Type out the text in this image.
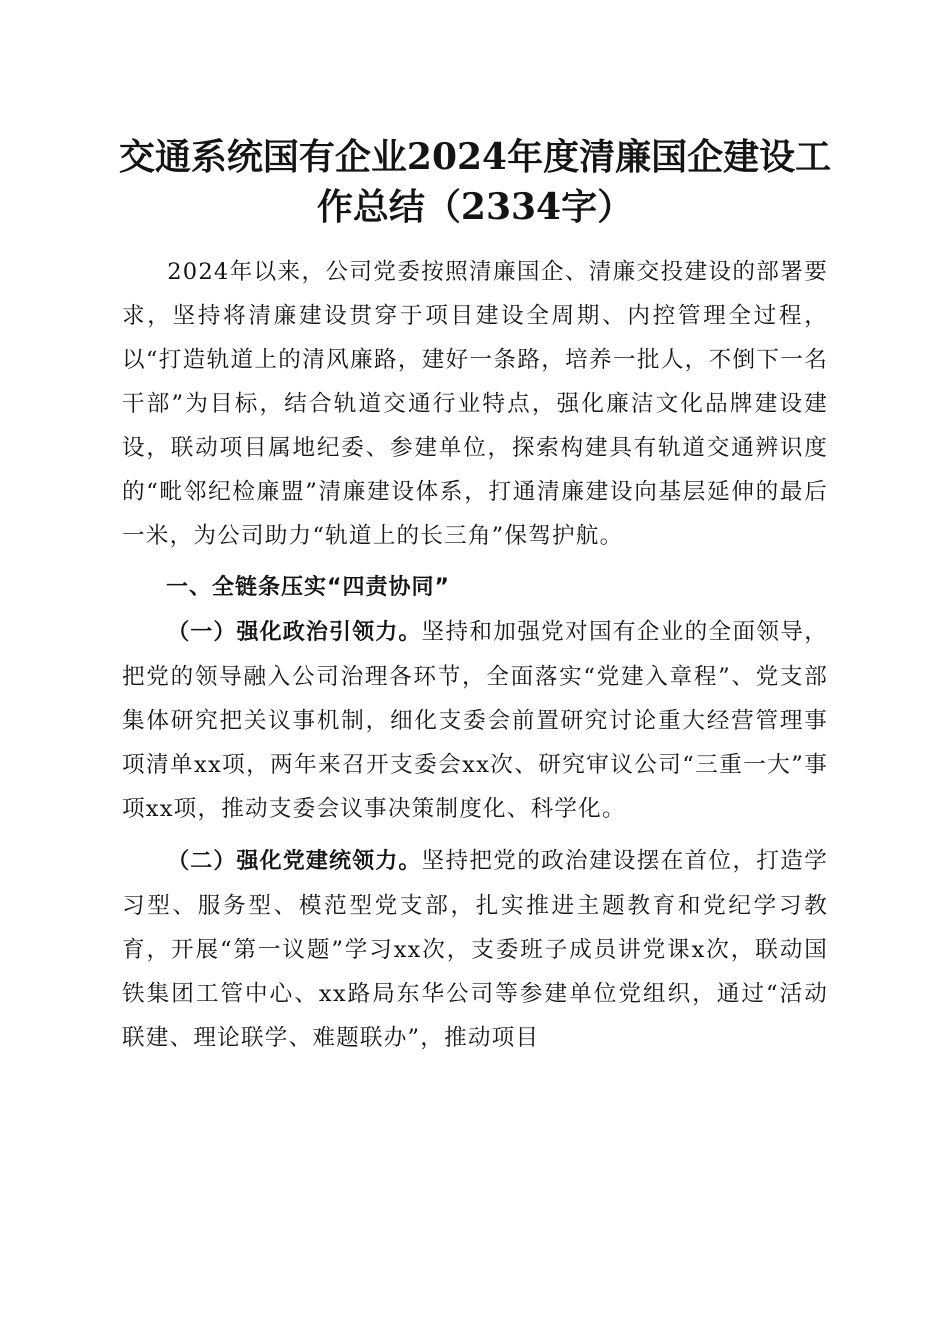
交通系统国有企业2024年度清廉国企建设工
作总结（2334字）

2024年以来，公司党委按照清廉国企、清廉交投建设的部署要求，坚持将清廉建设贯穿于项目建设全周期、内控管理全过程，以“打造轨道上的清风廉路，建好一条路，培养一批人，不倒下一名干部”为目标，结合轨道交通行业特点，强化廉洁文化品牌建设建设，联动项目属地纪委、参建单位，探索构建具有轨道交通辨识度的“毗邻纪检廉盟”清廉建设体系，打通清廉建设向基层延伸的最后一米，为公司助力“轨道上的长三角”保驾护航。

一、全链条压实“四责协同”

（一）强化政治引领力。坚持和加强党对国有企业的全面领导，把党的领导融入公司治理各环节，全面落实“党建入章程”、党支部集体研究把关议事机制，细化支委会前置研究讨论重大经营管理事项清单xx项，两年来召开支委会xx次、研究审议公司“三重一大”事项xx项，推动支委会议事决策制度化、科学化。

（二）强化党建统领力。坚持把党的政治建设摆在首位，打造学习型、服务型、模范型党支部，扎实推进主题教育和党纪学习教育，开展“第一议题”学习xx次，支委班子成员讲党课x次，联动国铁集团工管中心、xx路局东华公司等参建单位党组织，通过“活动联建、理论联学、难题联办”，推动项目
